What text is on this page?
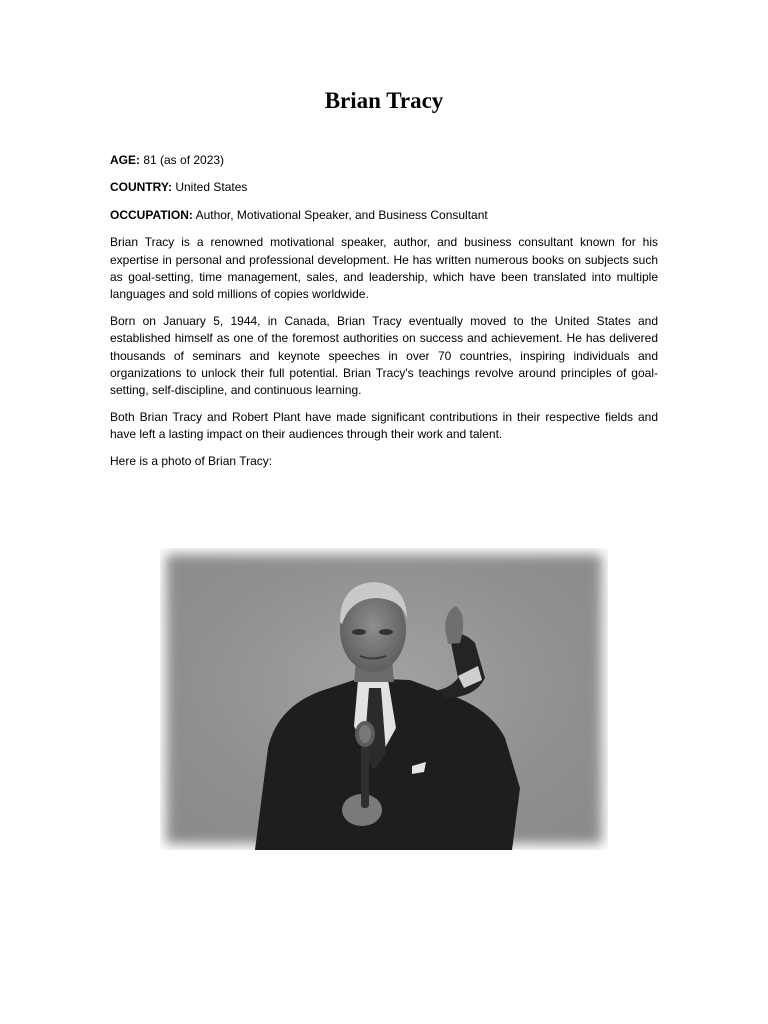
Brian Tracy

AGE: 81 (as of 2023)

COUNTRY: United States

OCCUPATION: Author, Motivational Speaker, and Business Consultant

Brian Tracy is a renowned motivational speaker, author, and business consultant known for his expertise in personal and professional development. He has written numerous books on subjects such as goal-setting, time management, sales, and leadership, which have been translated into multiple languages and sold millions of copies worldwide.

Born on January 5, 1944, in Canada, Brian Tracy eventually moved to the United States and established himself as one of the foremost authorities on success and achievement. He has delivered thousands of seminars and keynote speeches in over 70 countries, inspiring individuals and organizations to unlock their full potential. Brian Tracy's teachings revolve around principles of goal-setting, self-discipline, and continuous learning.

Both Brian Tracy and Robert Plant have made significant contributions in their respective fields and have left a lasting impact on their audiences through their work and talent.

Here is a photo of Brian Tracy:
